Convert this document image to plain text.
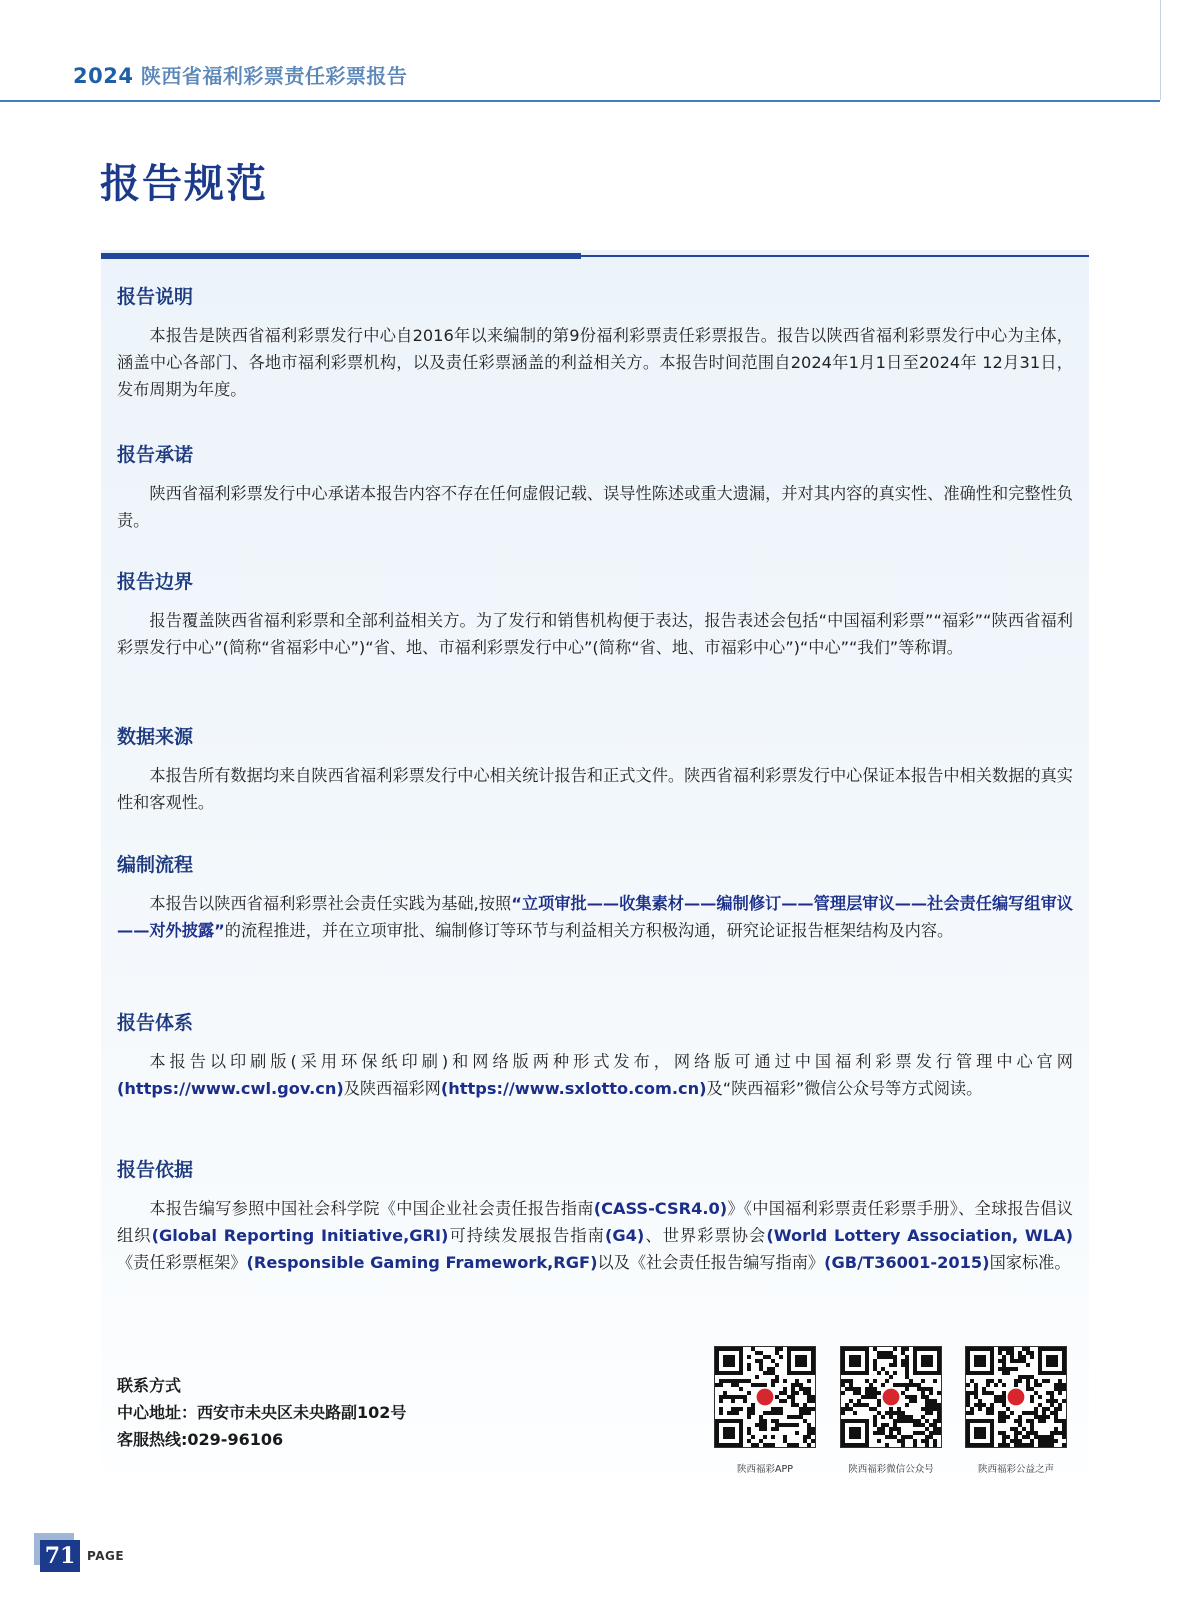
2024 陕西省福利彩票责任彩票报告
报告规范
报告说明

本报告是陕西省福利彩票发行中心自2016年以来编制的第9份福利彩票责任彩票报告。报告以陕西省福利彩票发行中心为主体，涵盖中心各部门、各地市福利彩票机构，以及责任彩票涵盖的利益相关方。本报告时间范围自2024年1月1日至2024年 12月31日，发布周期为年度。

报告承诺

陕西省福利彩票发行中心承诺本报告内容不存在任何虚假记载、误导性陈述或重大遗漏，并对其内容的真实性、准确性和完整性负责。

报告边界

报告覆盖陕西省福利彩票和全部利益相关方。为了发行和销售机构便于表达，报告表述会包括“中国福利彩票”“福彩”“陕西省福利彩票发行中心”(简称“省福彩中心”)“省、地、市福利彩票发行中心”(简称“省、地、市福彩中心”)“中心”“我们”等称谓。

数据来源

本报告所有数据均来自陕西省福利彩票发行中心相关统计报告和正式文件。陕西省福利彩票发行中心保证本报告中相关数据的真实性和客观性。

编制流程

本报告以陕西省福利彩票社会责任实践为基础,按照“立项审批——收集素材——编制修订——管理层审议——社会责任编写组审议——对外披露”的流程推进，并在立项审批、编制修订等环节与利益相关方积极沟通，研究论证报告框架结构及内容。

报告体系

本报告以印刷版(采用环保纸印刷)和网络版两种形式发布，网络版可通过中国福利彩票发行管理中心官网(https://www.cwl.gov.cn)及陕西福彩网(https://www.sxlotto.com.cn)及“陕西福彩”微信公众号等方式阅读。

报告依据

本报告编写参照中国社会科学院《中国企业社会责任报告指南(CASS-CSR4.0)》《中国福利彩票责任彩票手册》、全球报告倡议组织(Global Reporting Initiative,GRI)可持续发展报告指南(G4)、世界彩票协会(World Lottery Association, WLA)《责任彩票框架》(Responsible Gaming Framework,RGF)以及《社会责任报告编写指南》(GB/T36001-2015)国家标准。

联系方式
中心地址：西安市未央区未央路副102号
客服热线:029-96106
陕西福彩APP	陕西福彩微信公众号	陕西福彩公益之声
71 PAGE
